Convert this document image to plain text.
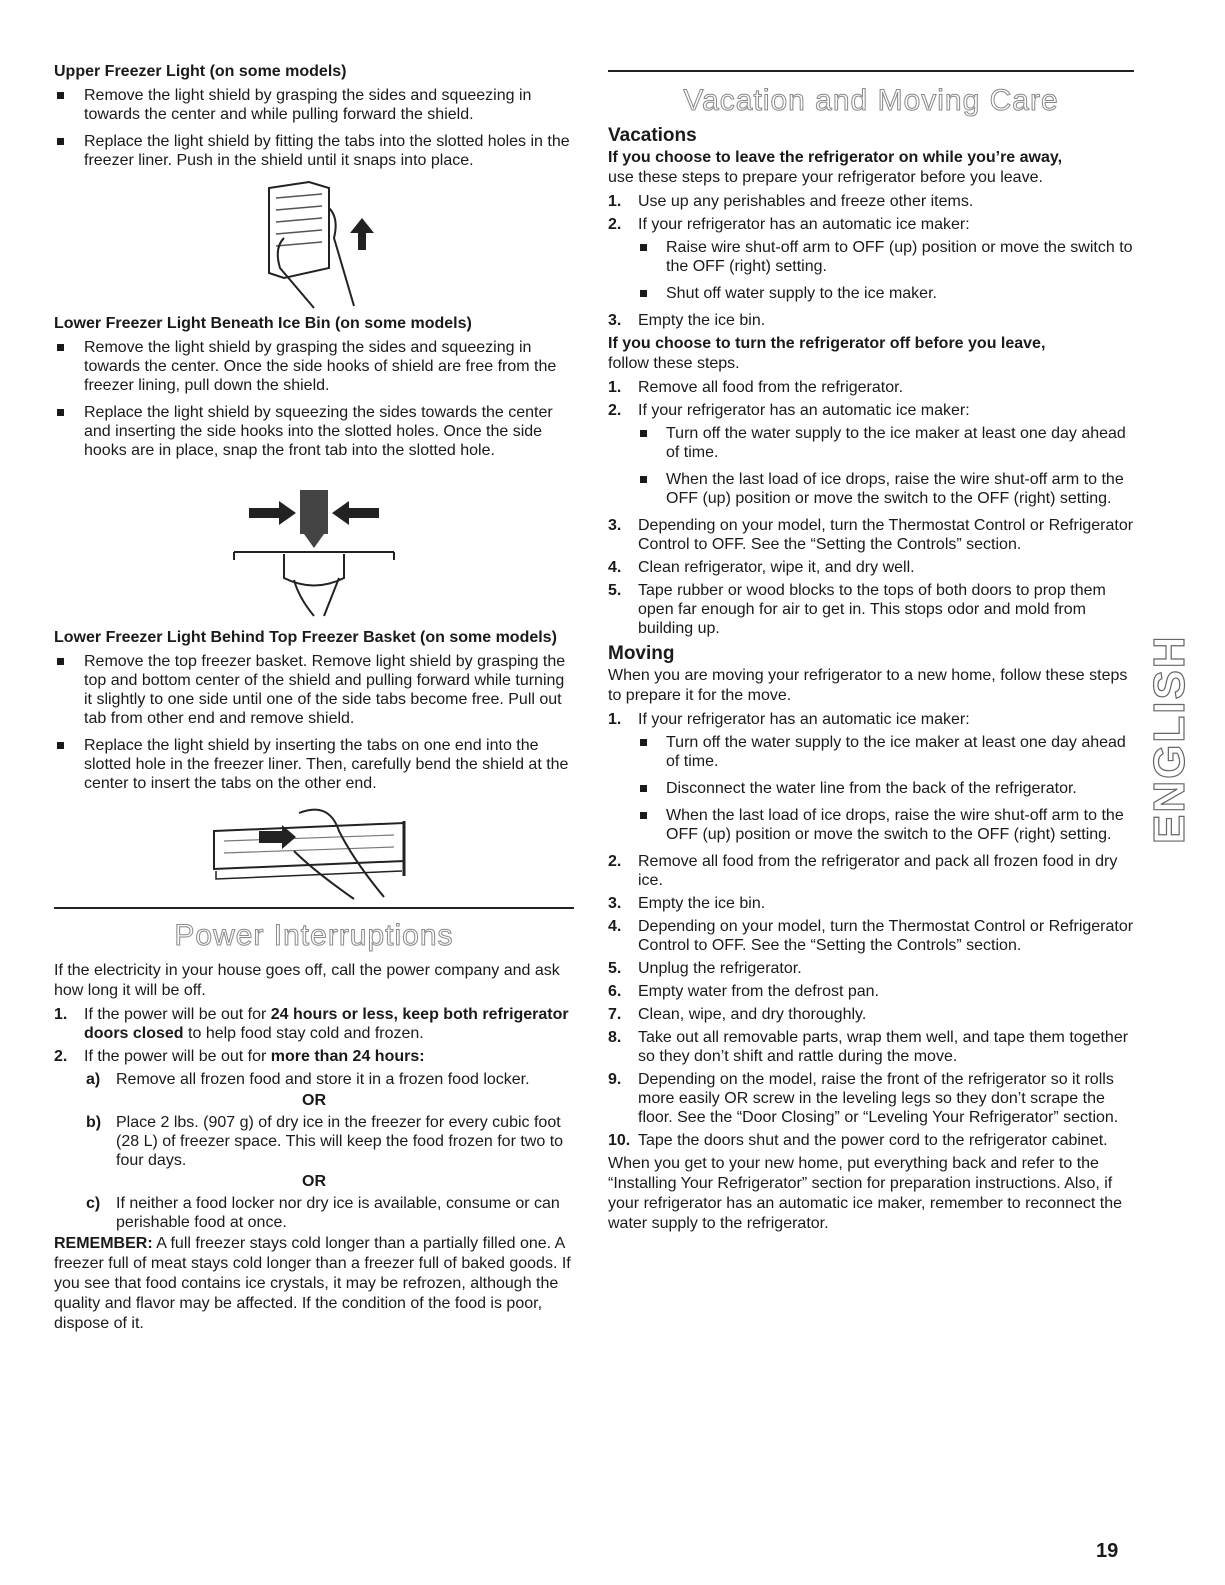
Upper Freezer Light (on some models)
Remove the light shield by grasping the sides and squeezing in towards the center and while pulling forward the shield.
Replace the light shield by fitting the tabs into the slotted holes in the freezer liner. Push in the shield until it snaps into place.
Lower Freezer Light Beneath Ice Bin (on some models)
Remove the light shield by grasping the sides and squeezing in towards the center. Once the side hooks of shield are free from the freezer lining, pull down the shield.
Replace the light shield by squeezing the sides towards the center and inserting the side hooks into the slotted holes. Once the side hooks are in place, snap the front tab into the slotted hole.
Lower Freezer Light Behind Top Freezer Basket (on some models)
Remove the top freezer basket. Remove light shield by grasping the top and bottom center of the shield and pulling forward while turning it slightly to one side until one of the side tabs become free. Pull out tab from other end and remove shield.
Replace the light shield by inserting the tabs on one end into the slotted hole in the freezer liner. Then, carefully bend the shield at the center to insert the tabs on the other end.
Power Interruptions

If the electricity in your house goes off, call the power company and ask how long it will be off.

1. If the power will be out for 24 hours or less, keep both refrigerator doors closed to help food stay cold and frozen.
2. If the power will be out for more than 24 hours:
a) Remove all frozen food and store it in a frozen food locker.
OR
b) Place 2 lbs. (907 g) of dry ice in the freezer for every cubic foot (28 L) of freezer space. This will keep the food frozen for two to four days.
OR
c) If neither a food locker nor dry ice is available, consume or can perishable food at once.

REMEMBER: A full freezer stays cold longer than a partially filled one. A freezer full of meat stays cold longer than a freezer full of baked goods. If you see that food contains ice crystals, it may be refrozen, although the quality and flavor may be affected. If the condition of the food is poor, dispose of it.

Vacation and Moving Care
Vacations

If you choose to leave the refrigerator on while you’re away,
use these steps to prepare your refrigerator before you leave.

1. Use up any perishables and freeze other items.
2. If your refrigerator has an automatic ice maker:
Raise wire shut-off arm to OFF (up) position or move the switch to the OFF (right) setting.
Shut off water supply to the ice maker.
3. Empty the ice bin.

If you choose to turn the refrigerator off before you leave,
follow these steps.

1. Remove all food from the refrigerator.
2. If your refrigerator has an automatic ice maker:
Turn off the water supply to the ice maker at least one day ahead of time.
When the last load of ice drops, raise the wire shut-off arm to the OFF (up) position or move the switch to the OFF (right) setting.
3. Depending on your model, turn the Thermostat Control or Refrigerator Control to OFF. See the “Setting the Controls” section.
4. Clean refrigerator, wipe it, and dry well.
5. Tape rubber or wood blocks to the tops of both doors to prop them open far enough for air to get in. This stops odor and mold from building up.
Moving

When you are moving your refrigerator to a new home, follow these steps to prepare it for the move.

1. If your refrigerator has an automatic ice maker:
Turn off the water supply to the ice maker at least one day ahead of time.
Disconnect the water line from the back of the refrigerator.
When the last load of ice drops, raise the wire shut-off arm to the OFF (up) position or move the switch to the OFF (right) setting.
2. Remove all food from the refrigerator and pack all frozen food in dry ice.
3. Empty the ice bin.
4. Depending on your model, turn the Thermostat Control or Refrigerator Control to OFF. See the “Setting the Controls” section.
5. Unplug the refrigerator.
6. Empty water from the defrost pan.
7. Clean, wipe, and dry thoroughly.
8. Take out all removable parts, wrap them well, and tape them together so they don’t shift and rattle during the move.
9. Depending on the model, raise the front of the refrigerator so it rolls more easily OR screw in the leveling legs so they don’t scrape the floor. See the “Door Closing” or “Leveling Your Refrigerator” section.
10. Tape the doors shut and the power cord to the refrigerator cabinet.

When you get to your new home, put everything back and refer to the “Installing Your Refrigerator” section for preparation instructions. Also, if your refrigerator has an automatic ice maker, remember to reconnect the water supply to the refrigerator.

ENGLISH
19
